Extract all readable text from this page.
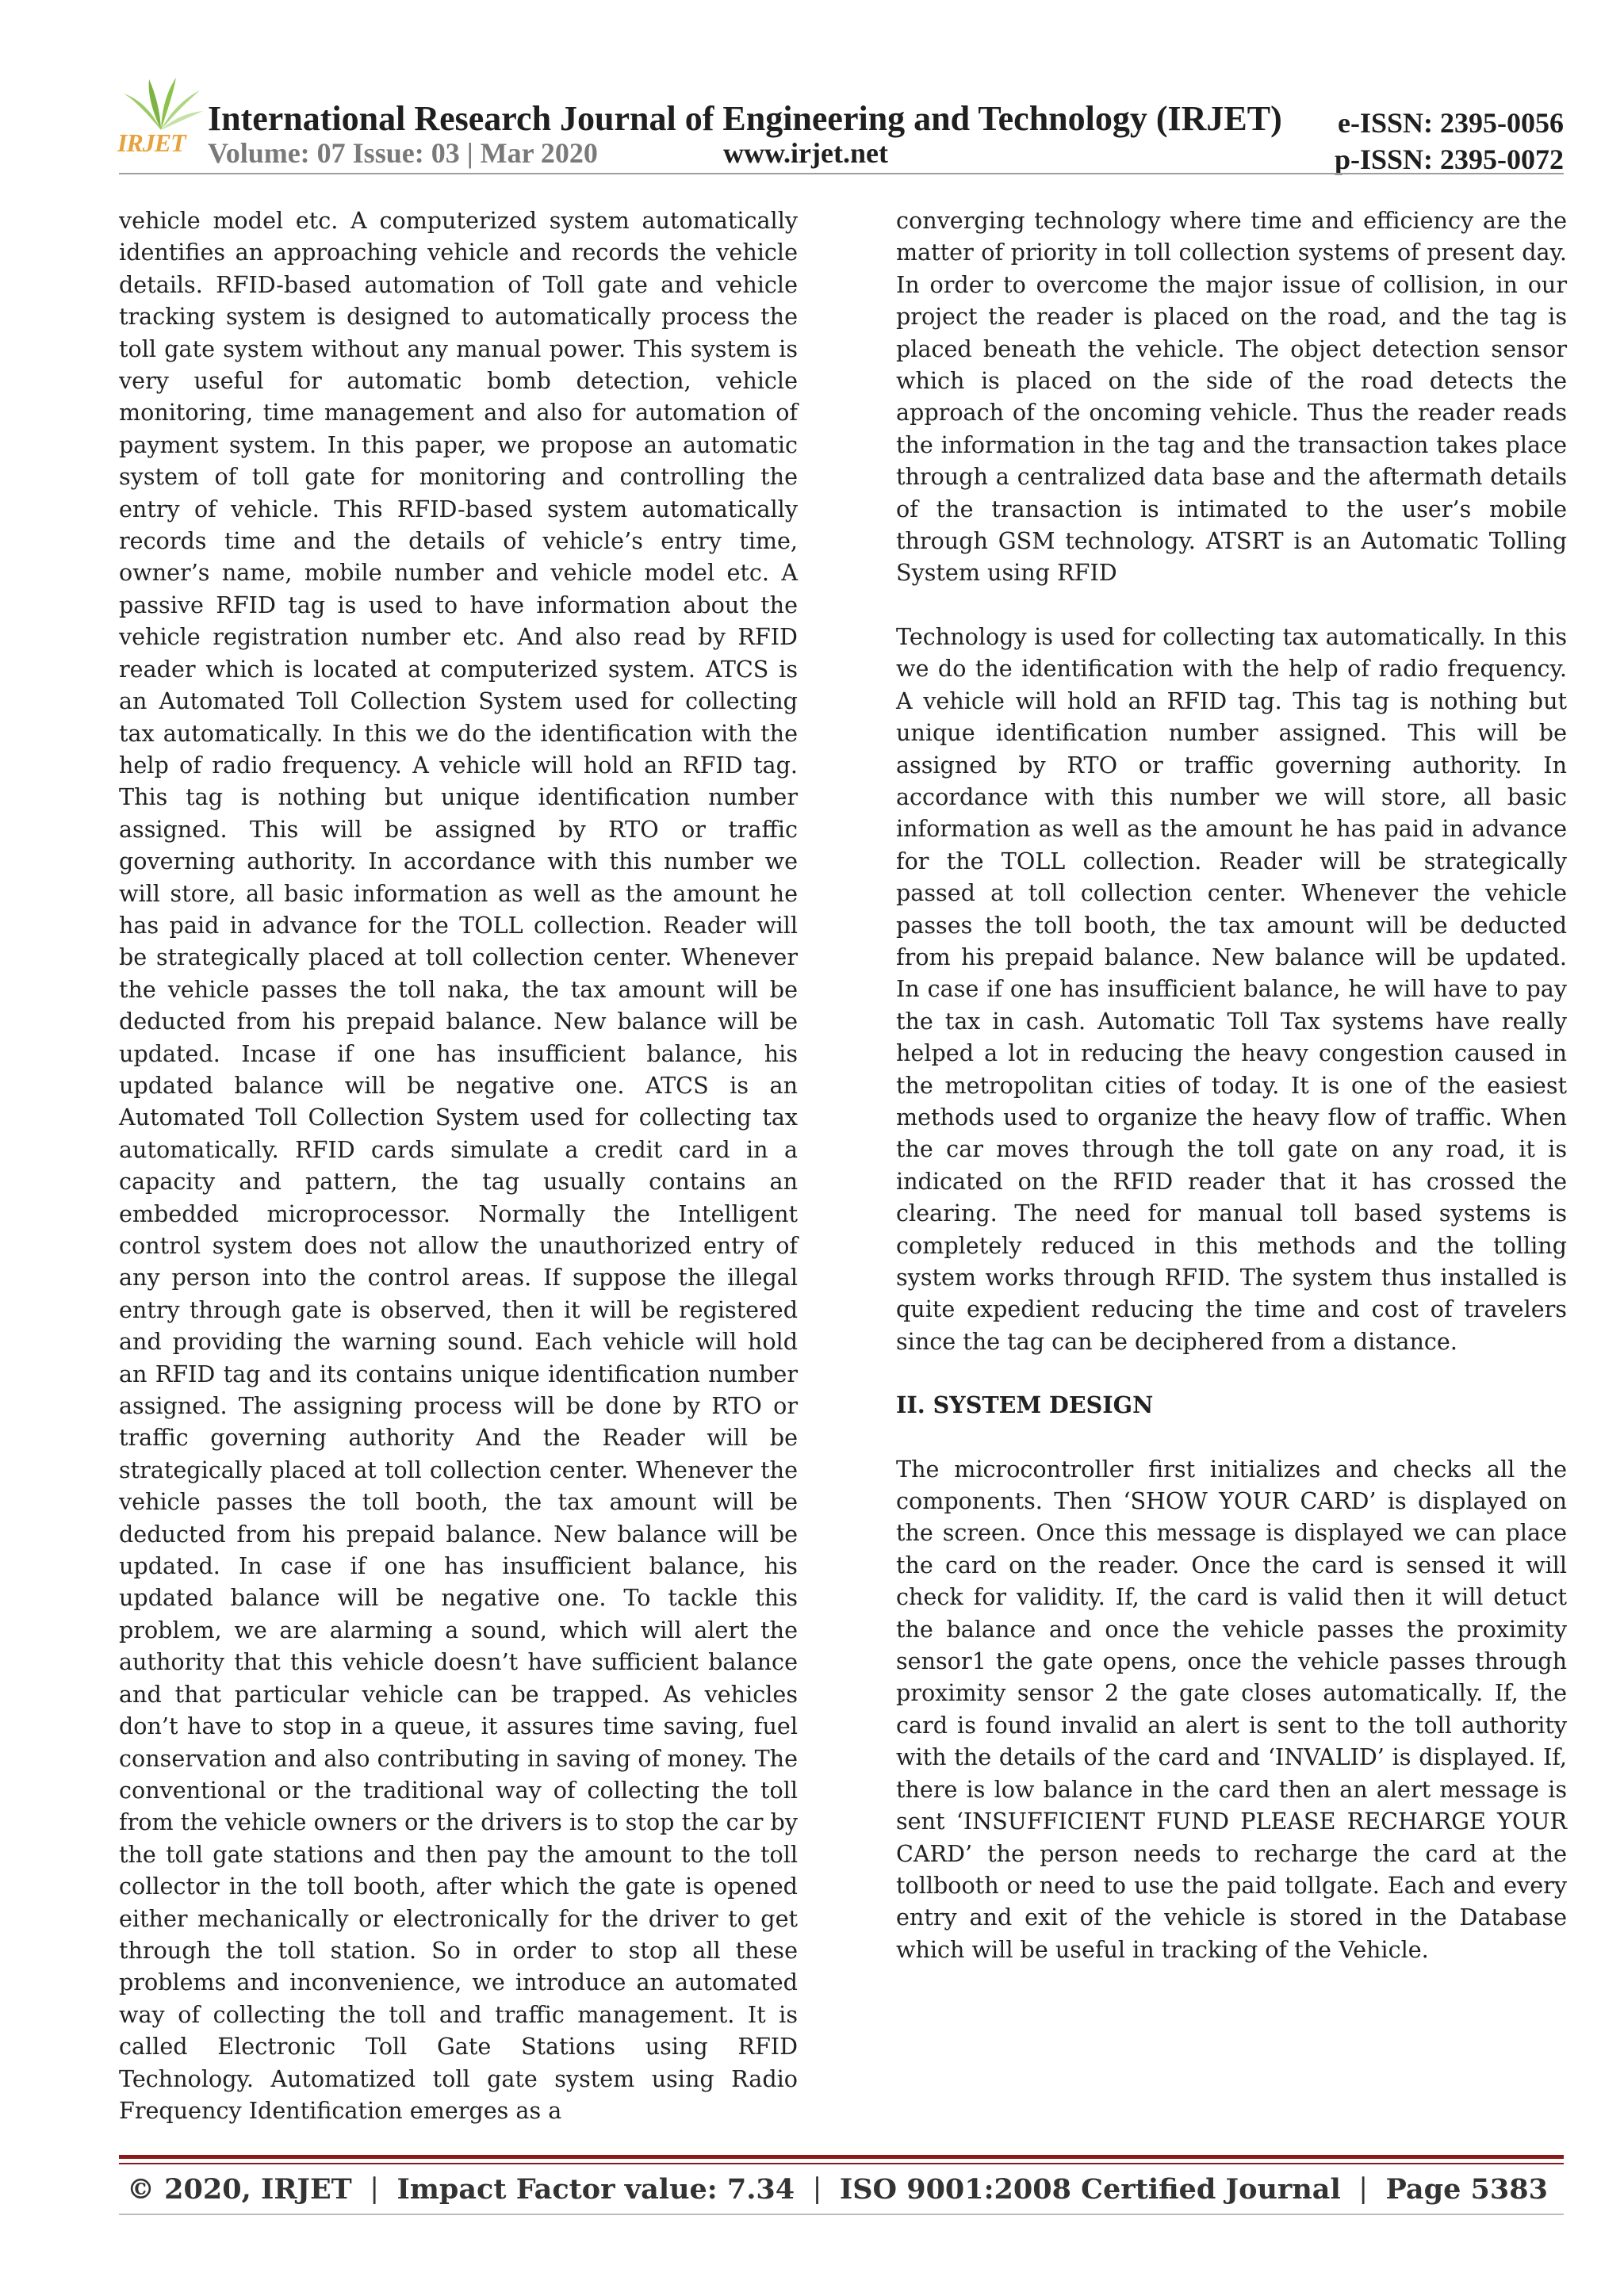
IRJET
International Research Journal of Engineering and Technology (IRJET)
Volume: 07 Issue: 03 | Mar 2020	www.irjet.net
e-ISSN: 2395-0056
p-ISSN: 2395-0072

vehicle model etc. A computerized system automatically identifies an approaching vehicle and records the vehicle details. RFID-based automation of Toll gate and vehicle tracking system is designed to automatically process the toll gate system without any manual power. This system is very useful for automatic bomb detection, vehicle monitoring, time management and also for automation of payment system. In this paper, we propose an automatic system of toll gate for monitoring and controlling the entry of vehicle. This RFID-based system automatically records time and the details of vehicle’s entry time, owner’s name, mobile number and vehicle model etc. A passive RFID tag is used to have information about the vehicle registration number etc. And also read by RFID reader which is located at computerized system. ATCS is an Automated Toll Collection System used for collecting tax automatically. In this we do the identification with the help of radio frequency. A vehicle will hold an RFID tag. This tag is nothing but unique identification number assigned. This will be assigned by RTO or traffic governing authority. In accordance with this number we will store, all basic information as well as the amount he has paid in advance for the TOLL collection. Reader will be strategically placed at toll collection center. Whenever the vehicle passes the toll naka, the tax amount will be deducted from his prepaid balance. New balance will be updated. Incase if one has insufficient balance, his updated balance will be negative one. ATCS is an Automated Toll Collection System used for collecting tax automatically. RFID cards simulate a credit card in a capacity and pattern, the tag usually contains an embedded microprocessor. Normally the Intelligent control system does not allow the unauthorized entry of any person into the control areas. If suppose the illegal entry through gate is observed, then it will be registered and providing the warning sound. Each vehicle will hold an RFID tag and its contains unique identification number assigned. The assigning process will be done by RTO or traffic governing authority And the Reader will be strategically placed at toll collection center. Whenever the vehicle passes the toll booth, the tax amount will be deducted from his prepaid balance. New balance will be updated. In case if one has insufficient balance, his updated balance will be negative one. To tackle this problem, we are alarming a sound, which will alert the authority that this vehicle doesn’t have sufficient balance and that particular vehicle can be trapped. As vehicles don’t have to stop in a queue, it assures time saving, fuel conservation and also contributing in saving of money. The conventional or the traditional way of collecting the toll from the vehicle owners or the drivers is to stop the car by the toll gate stations and then pay the amount to the toll collector in the toll booth, after which the gate is opened either mechanically or electronically for the driver to get through the toll station. So in order to stop all these problems and inconvenience, we introduce an automated way of collecting the toll and traffic management. It is called Electronic Toll Gate Stations using RFID Technology. Automatized toll gate system using Radio Frequency Identification emerges as a

converging technology where time and efficiency are the matter of priority in toll collection systems of present day. In order to overcome the major issue of collision, in our project the reader is placed on the road, and the tag is placed beneath the vehicle. The object detection sensor which is placed on the side of the road detects the approach of the oncoming vehicle. Thus the reader reads the information in the tag and the transaction takes place through a centralized data base and the aftermath details of the transaction is intimated to the user’s mobile through GSM technology. ATSRT is an Automatic Tolling System using RFID

Technology is used for collecting tax automatically. In this we do the identification with the help of radio frequency. A vehicle will hold an RFID tag. This tag is nothing but unique identification number assigned. This will be assigned by RTO or traffic governing authority. In accordance with this number we will store, all basic information as well as the amount he has paid in advance for the TOLL collection. Reader will be strategically passed at toll collection center. Whenever the vehicle passes the toll booth, the tax amount will be deducted from his prepaid balance. New balance will be updated. In case if one has insufficient balance, he will have to pay the tax in cash. Automatic Toll Tax systems have really helped a lot in reducing the heavy congestion caused in the metropolitan cities of today. It is one of the easiest methods used to organize the heavy flow of traffic. When the car moves through the toll gate on any road, it is indicated on the RFID reader that it has crossed the clearing. The need for manual toll based systems is completely reduced in this methods and the tolling system works through RFID. The system thus installed is quite expedient reducing the time and cost of travelers since the tag can be deciphered from a distance.

II. SYSTEM DESIGN

The microcontroller first initializes and checks all the components. Then ‘SHOW YOUR CARD’ is displayed on the screen. Once this message is displayed we can place the card on the reader. Once the card is sensed it will check for validity. If, the card is valid then it will detuct the balance and once the vehicle passes the proximity sensor1 the gate opens, once the vehicle passes through proximity sensor 2 the gate closes automatically. If, the card is found invalid an alert is sent to the toll authority with the details of the card and ‘INVALID’ is displayed. If, there is low balance in the card then an alert message is sent ‘INSUFFICIENT FUND PLEASE RECHARGE YOUR CARD’ the person needs to recharge the card at the tollbooth or need to use the paid tollgate. Each and every entry and exit of the vehicle is stored in the Database which will be useful in tracking of the Vehicle.

© 2020, IRJET | Impact Factor value: 7.34 | ISO 9001:2008 Certified Journal | Page 5383
